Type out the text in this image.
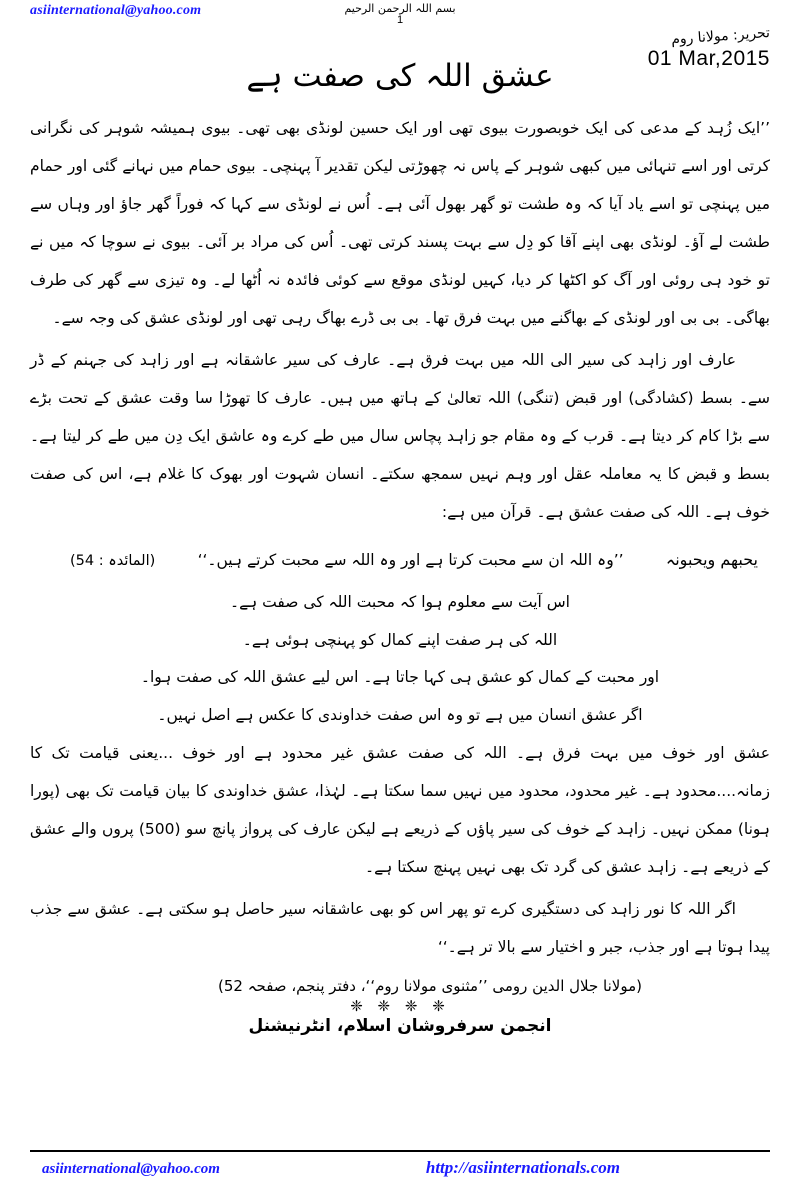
asiinternational@yahoo.com	بسم اللہ الرحمن الرحیم
1
تحریر: مولانا روم
01 Mar,2015
عشق اللہ کی صفت ہے

’’ایک زُہد کے مدعی کی ایک خوبصورت بیوی تھی اور ایک حسین لونڈی بھی تھی۔ بیوی ہمیشہ شوہر کی نگرانی کرتی اور اسے تنہائی میں کبھی شوہر کے پاس نہ چھوڑتی لیکن تقدیر آ پہنچی۔ بیوی حمام میں نہانے گئی اور حمام میں پہنچی تو اسے یاد آیا کہ وہ طشت تو گھر بھول آئی ہے۔ اُس نے لونڈی سے کہا کہ فوراً گھر جاؤ اور وہاں سے طشت لے آؤ۔ لونڈی بھی اپنے آقا کو دِل سے بہت پسند کرتی تھی۔ اُس کی مراد بر آئی۔ بیوی نے سوچا کہ میں نے تو خود ہی روئی اور آگ کو اکٹھا کر دیا، کہیں لونڈی موقع سے کوئی فائدہ نہ اُٹھا لے۔ وہ تیزی سے گھر کی طرف بھاگی۔ بی بی اور لونڈی کے بھاگنے میں بہت فرق تھا۔ بی بی ڈرے بھاگ رہی تھی اور لونڈی عشق کی وجہ سے۔

عارف اور زاہد کی سیر الی اللہ میں بہت فرق ہے۔ عارف کی سیر عاشقانہ ہے اور زاہد کی جہنم کے ڈر سے۔ بسط (کشادگی) اور قبض (تنگی) اللہ تعالیٰ کے ہاتھ میں ہیں۔ عارف کا تھوڑا سا وقت عشق کے تحت بڑے سے بڑا کام کر دیتا ہے۔ قرب کے وہ مقام جو زاہد پچاس سال میں طے کرے وہ عاشق ایک دِن میں طے کر لیتا ہے۔ بسط و قبض کا یہ معاملہ عقل اور وہم نہیں سمجھ سکتے۔ انسان شہوت اور بھوک کا غلام ہے، اس کی صفت خوف ہے۔ اللہ کی صفت عشق ہے۔ قرآن میں ہے:

یحبھم ویحبونہ
’’وہ اللہ ان سے محبت کرتا ہے اور وہ اللہ سے محبت کرتے ہیں۔‘‘
(المائدہ : 54)

اس آیت سے معلوم ہوا کہ محبت اللہ کی صفت ہے۔

اللہ کی ہر صفت اپنے کمال کو پہنچی ہوئی ہے۔

اور محبت کے کمال کو عشق ہی کہا جاتا ہے۔ اس لیے عشق اللہ کی صفت ہوا۔

اگر عشق انسان میں ہے تو وہ اس صفت خداوندی کا عکس ہے اصل نہیں۔

عشق اور خوف میں بہت فرق ہے۔ اللہ کی صفت عشق غیر محدود ہے اور خوف ...یعنی قیامت تک کا زمانہ....محدود ہے۔ غیر محدود، محدود میں نہیں سما سکتا ہے۔ لہٰذا، عشق خداوندی کا بیان قیامت تک بھی (پورا ہونا) ممکن نہیں۔ زاہد کے خوف کی سیر پاؤں کے ذریعے ہے لیکن عارف کی پرواز پانچ سو (500) پروں والے عشق کے ذریعے ہے۔ زاہد عشق کی گرد تک بھی نہیں پہنچ سکتا ہے۔

اگر اللہ کا نور زاہد کی دستگیری کرے تو پھر اس کو بھی عاشقانہ سیر حاصل ہو سکتی ہے۔ عشق سے جذب پیدا ہوتا ہے اور جذب، جبر و اختیار سے بالا تر ہے۔‘‘

(مولانا جلال الدین رومی ’’مثنوی مولانا روم‘‘، دفتر پنجم، صفحہ 52)

❈ ❈ ❈ ❈

انجمن سرفروشان اسلام، انٹرنیشنل

asiinternational@yahoo.com	http://asiinternationals.com
